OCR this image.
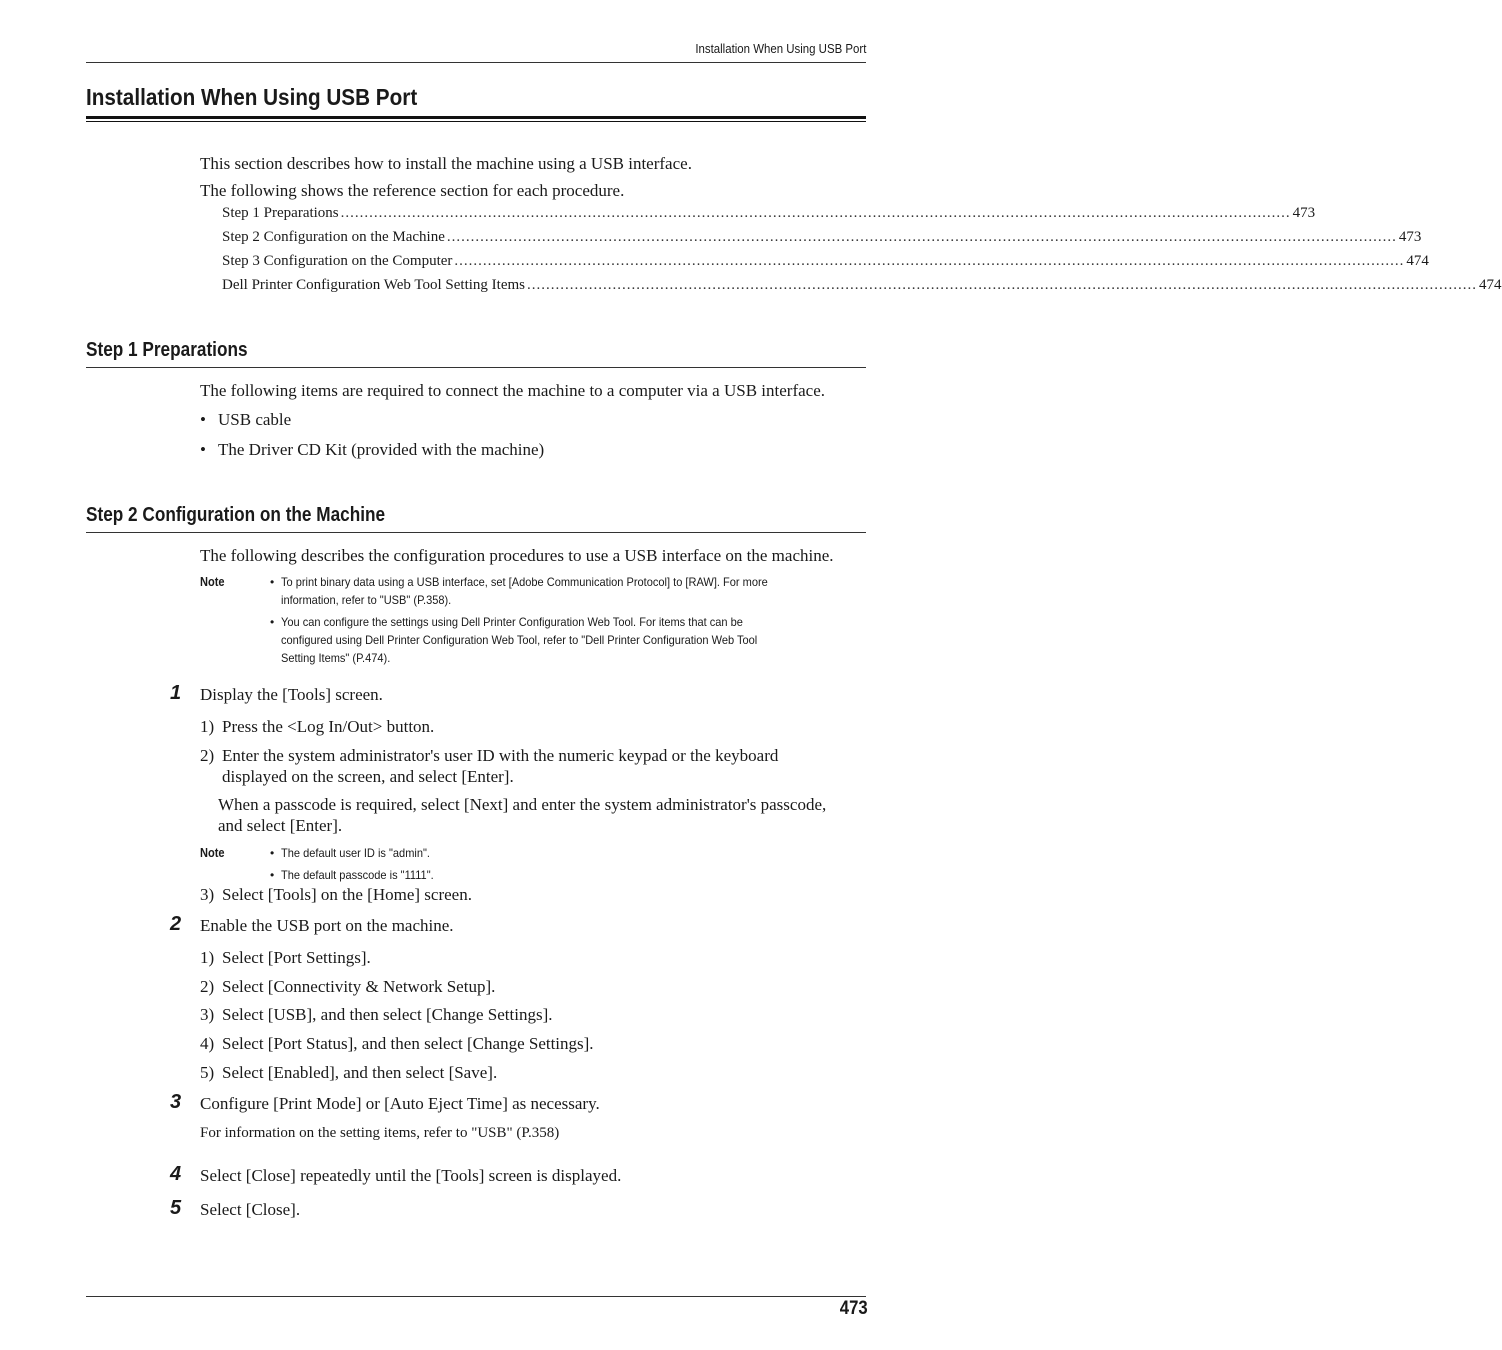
Installation When Using USB Port
Installation When Using USB Port
This section describes how to install the machine using a USB interface.
The following shows the reference section for each procedure.
Step 1 Preparations ........................................................................................................................................................................................................ 473
Step 2 Configuration on the Machine ........................................................................................................................................................................................................ 473
Step 3 Configuration on the Computer ........................................................................................................................................................................................................ 474
Dell Printer Configuration Web Tool Setting Items ........................................................................................................................................................................................................ 474
Step 1 Preparations
The following items are required to connect the machine to a computer via a USB interface.
• USB cable
• The Driver CD Kit (provided with the machine)
Step 2 Configuration on the Machine
The following describes the configuration procedures to use a USB interface on the machine.
Note	• To print binary data using a USB interface, set [Adobe Communication Protocol] to [RAW]. For more
information, refer to "USB" (P.358).
• You can configure the settings using Dell Printer Configuration Web Tool. For items that can be
configured using Dell Printer Configuration Web Tool, refer to "Dell Printer Configuration Web Tool
Setting Items" (P.474).
1 Display the [Tools] screen.
1) Press the <Log In/Out> button.
2) Enter the system administrator's user ID with the numeric keypad or the keyboard
displayed on the screen, and select [Enter].
When a passcode is required, select [Next] and enter the system administrator's passcode,
and select [Enter].
Note	• The default user ID is "admin".
• The default passcode is "1111".
3) Select [Tools] on the [Home] screen.
2 Enable the USB port on the machine.
1) Select [Port Settings].
2) Select [Connectivity & Network Setup].
3) Select [USB], and then select [Change Settings].
4) Select [Port Status], and then select [Change Settings].
5) Select [Enabled], and then select [Save].
3 Configure [Print Mode] or [Auto Eject Time] as necessary.
For information on the setting items, refer to "USB" (P.358)
4 Select [Close] repeatedly until the [Tools] screen is displayed.
5 Select [Close].
473
